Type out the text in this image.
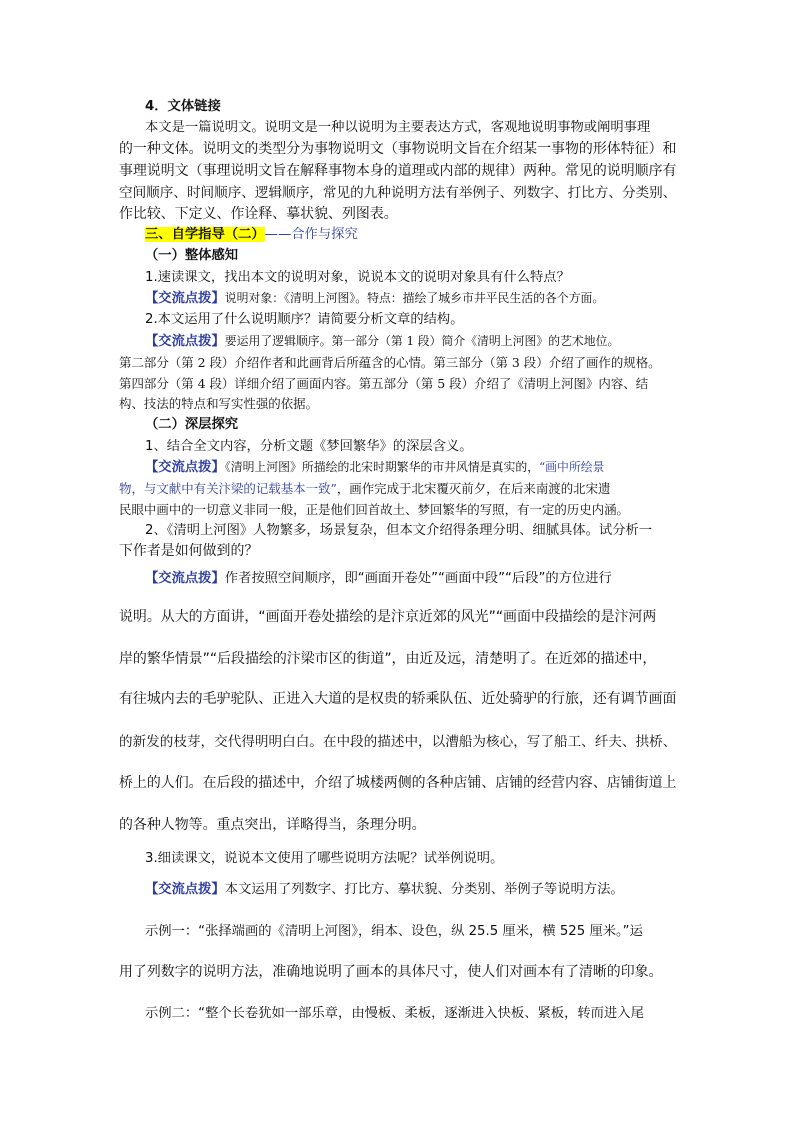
4．文体链接

本文是一篇说明文。说明文是一种以说明为主要表达方式，客观地说明事物或阐明事理

的一种文体。说明文的类型分为事物说明文（事物说明文旨在介绍某一事物的形体特征）和

事理说明文（事理说明文旨在解释事物本身的道理或内部的规律）两种。常见的说明顺序有

空间顺序、时间顺序、逻辑顺序，常见的九种说明方法有举例子、列数字、打比方、分类别、

作比较、下定义、作诠释、摹状貌、列图表。

三、自学指导（二）——合作与探究

（一）整体感知

1.速读课文，找出本文的说明对象，说说本文的说明对象具有什么特点？

【交流点拨】说明对象：《清明上河图》。特点：描绘了城乡市井平民生活的各个方面。

2.本文运用了什么说明顺序？请简要分析文章的结构。

【交流点拨】要运用了逻辑顺序。第一部分（第 1 段）简介《清明上河图》的艺术地位。

第二部分（第 2 段）介绍作者和此画背后所蕴含的心情。第三部分（第 3 段）介绍了画作的规格。

第四部分（第 4 段）详细介绍了画面内容。第五部分（第 5 段）介绍了《清明上河图》内容、结

构、技法的特点和写实性强的依据。

（二）深层探究

1、结合全文内容，分析文题《梦回繁华》的深层含义。

【交流点拨】《清明上河图》所描绘的北宋时期繁华的市井风情是真实的，“画中所绘景

物，与文献中有关汴梁的记载基本一致”，画作完成于北宋覆灭前夕，在后来南渡的北宋遗

民眼中画中的一切意义非同一般，正是他们回首故土、梦回繁华的写照，有一定的历史内涵。

2、《清明上河图》人物繁多，场景复杂，但本文介绍得条理分明、细腻具体。试分析一

下作者是如何做到的？

【交流点拨】作者按照空间顺序，即“画面开卷处”“画面中段”“后段”的方位进行

说明。从大的方面讲，“画面开卷处描绘的是汴京近郊的风光”“画面中段描绘的是汴河两

岸的繁华情景”“后段描绘的汴梁市区的街道”，由近及远，清楚明了。在近郊的描述中，

有往城内去的毛驴驼队、正进入大道的是权贵的轿乘队伍、近处骑驴的行旅，还有调节画面

的新发的枝芽，交代得明明白白。在中段的描述中，以漕船为核心，写了船工、纤夫、拱桥、

桥上的人们。在后段的描述中，介绍了城楼两侧的各种店铺、店铺的经营内容、店铺街道上

的各种人物等。重点突出，详略得当，条理分明。

3.细读课文，说说本文使用了哪些说明方法呢？试举例说明。

【交流点拨】本文运用了列数字、打比方、摹状貌、分类别、举例子等说明方法。

示例一：“张择端画的《清明上河图》，绢本、设色，纵 25.5 厘米，横 525 厘米。”运

用了列数字的说明方法，准确地说明了画本的具体尺寸，使人们对画本有了清晰的印象。

示例二：“整个长卷犹如一部乐章，由慢板、柔板，逐渐进入快板、紧板，转而进入尾
